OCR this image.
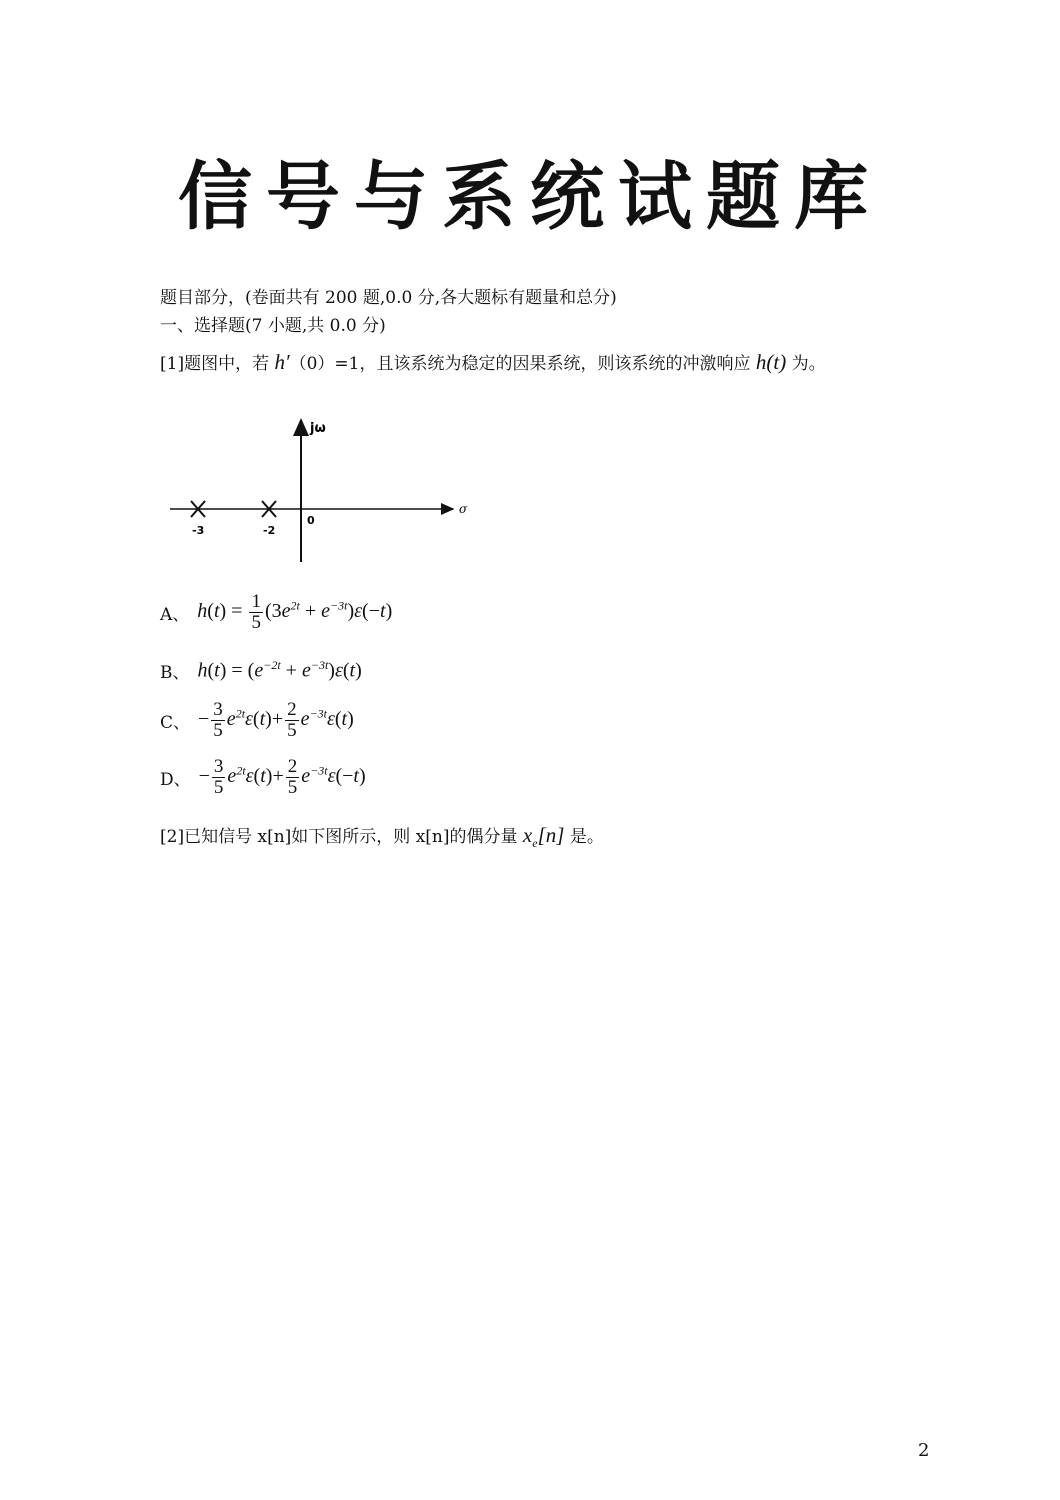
信号与系统试题库
题目部分，(卷面共有 200 题,0.0 分,各大题标有题量和总分)
一、选择题(7 小题,共 0.0 分)
[1]题图中，若 h′（0）=1，且该系统为稳定的因果系统，则该系统的冲激响应 h(t) 为。
jω
σ
0
-3	-2
A、 $h(t) = \frac{1}{5} (3e^{2t} + e^{-3t})\varepsilon(-t)$
B、 $h(t) = (e^{-2t} + e^{-3t})\varepsilon(t)$
C、 − $\frac{3}{5} e^{2t}\varepsilon(t)+ \frac{2}{5} e^{-3t}\varepsilon(t)$
D、 − $\frac{3}{5} e^{2t}\varepsilon(t)+ \frac{2}{5} e^{-3t}\varepsilon(-t)$
[2]已知信号 x[n]如下图所示，则 x[n]的偶分量 $x_e[n]$ 是。
2
